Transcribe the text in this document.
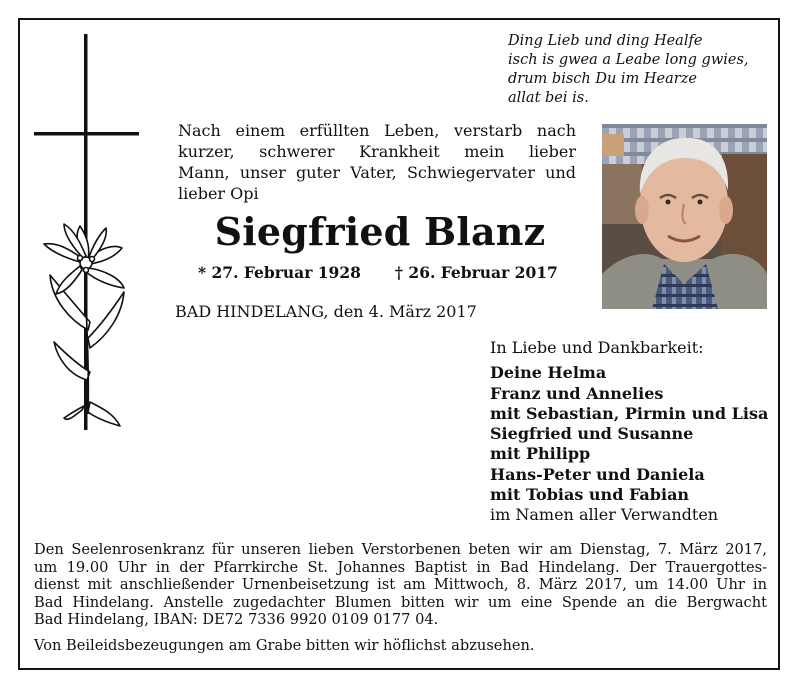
Ding Lieb und ding Healfe
isch is gwea a Leabe long gwies,
drum bisch Du im Hearze
allat bei is.
Nach einem erfüllten Leben, verstarb nach
kurzer, schwerer Krankheit mein lieber
Mann, unser guter Vater, Schwiegervater und
lieber Opi
Siegfried Blanz
* 27. Februar 1928 † 26. Februar 2017
BAD HINDELANG, den 4. März 2017
In Liebe und Dankbarkeit:
Deine Helma
Franz und Annelies
mit Sebastian, Pirmin und Lisa
Siegfried und Susanne
mit Philipp
Hans-Peter und Daniela
mit Tobias und Fabian
im Namen aller Verwandten
Den Seelenrosenkranz für unseren lieben Verstorbenen beten wir am Dienstag, 7. März 2017,
um 19.00 Uhr in der Pfarrkirche St. Johannes Baptist in Bad Hindelang. Der Trauergottes-
dienst mit anschließender Urnenbeisetzung ist am Mittwoch, 8. März 2017, um 14.00 Uhr in
Bad Hindelang. Anstelle zugedachter Blumen bitten wir um eine Spende an die Bergwacht
Bad Hindelang, IBAN: DE72 7336 9920 0109 0177 04.
Von Beileidsbezeugungen am Grabe bitten wir höflichst abzusehen.
